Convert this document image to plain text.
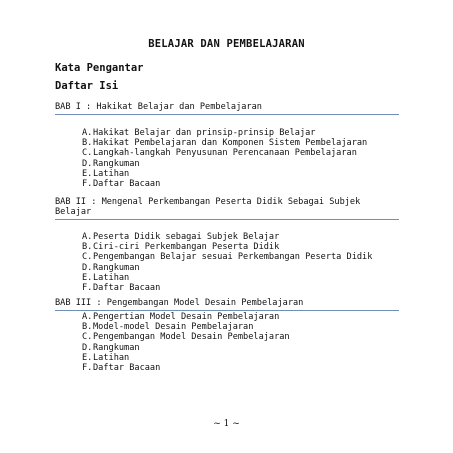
BELAJAR DAN PEMBELAJARAN
Kata Pengantar
Daftar Isi
BAB I : Hakikat Belajar dan Pembelajaran
A. Hakikat Belajar dan prinsip-prinsip Belajar
B. Hakikat Pembelajaran dan Komponen Sistem Pembelajaran
C. Langkah-langkah Penyusunan Perencanaan Pembelajaran
D. Rangkuman
E. Latihan
F. Daftar Bacaan
BAB II : Mengenal Perkembangan Peserta Didik Sebagai Subjek Belajar
A. Peserta Didik sebagai Subjek Belajar
B. Ciri-ciri Perkembangan Peserta Didik
C. Pengembangan Belajar sesuai Perkembangan Peserta Didik
D. Rangkuman
E. Latihan
F. Daftar Bacaan
BAB III : Pengembangan Model Desain Pembelajaran
A. Pengertian Model Desain Pembelajaran
B. Model-model Desain Pembelajaran
C. Pengembangan Model Desain Pembelajaran
D. Rangkuman
E. Latihan
F. Daftar Bacaan
~ 1 ~
